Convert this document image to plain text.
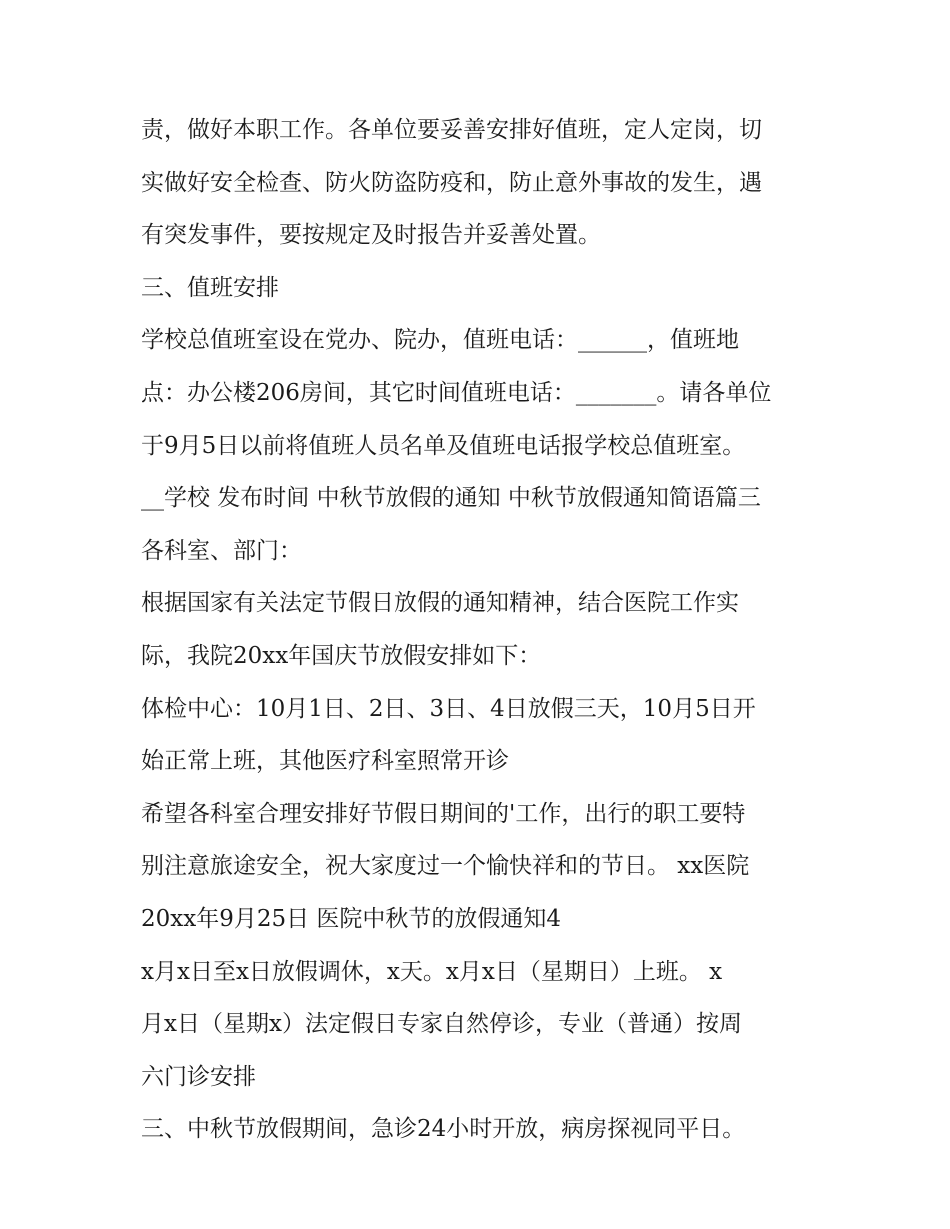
责，做好本职工作。各单位要妥善安排好值班，定人定岗，切
实做好安全检查、防火防盗防疫和，防止意外事故的发生，遇
有突发事件，要按规定及时报告并妥善处置。
三、值班安排
学校总值班室设在党办、院办，值班电话：______，值班地
点：办公楼206房间，其它时间值班电话：_______。请各单位
于9月5日以前将值班人员名单及值班电话报学校总值班室。
__学校 发布时间 中秋节放假的通知 中秋节放假通知简语篇三
各科室、部门：
根据国家有关法定节假日放假的通知精神，结合医院工作实
际，我院20xx年国庆节放假安排如下：
体检中心：10月1日、2日、3日、4日放假三天，10月5日开
始正常上班，其他医疗科室照常开诊
希望各科室合理安排好节假日期间的'工作，出行的职工要特
别注意旅途安全，祝大家度过一个愉快祥和的节日。 xx医院
20xx年9月25日 医院中秋节的放假通知4
x月x日至x日放假调休，x天。x月x日（星期日）上班。 x
月x日（星期x）法定假日专家自然停诊，专业（普通）按周
六门诊安排
三、中秋节放假期间，急诊24小时开放，病房探视同平日。
